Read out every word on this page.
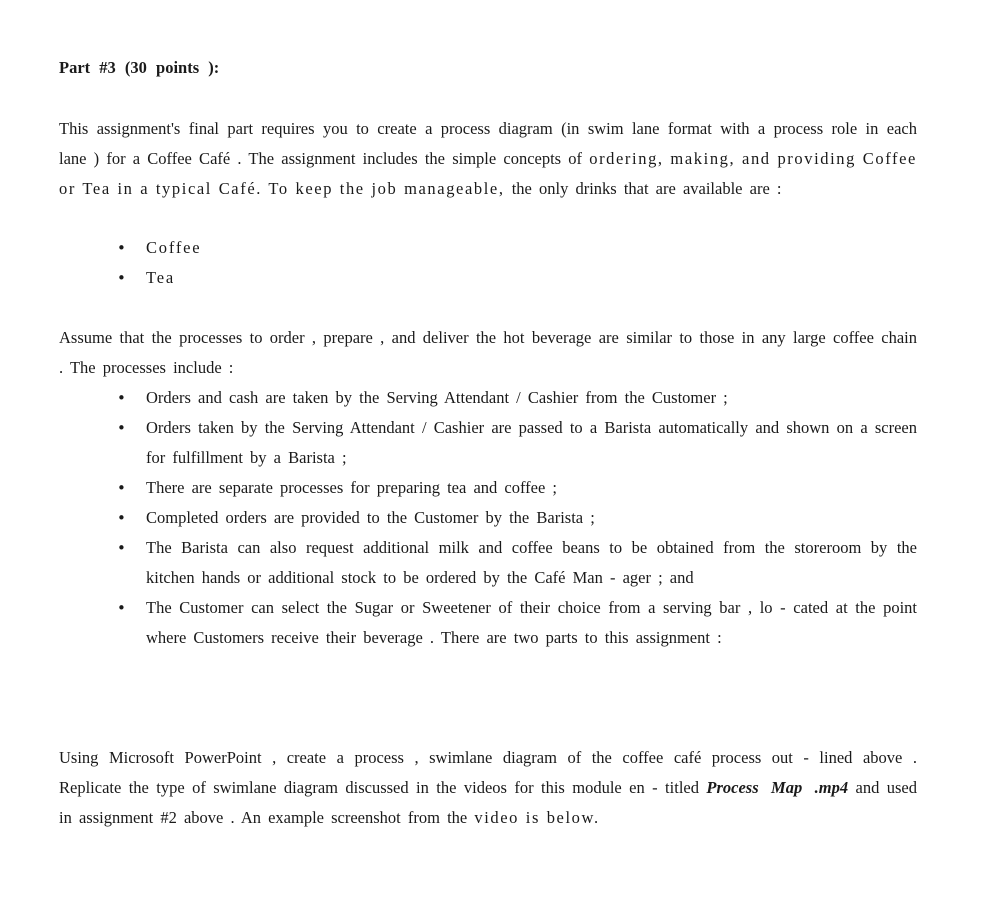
Part #3 (30 points ):
This assignment's final part requires you to create a process diagram (in swim lane format with a process role in each lane ) for a Coffee Café . The assignment includes the simple concepts of ordering, making, and providing Coffee or Tea in a typical Café. To keep the job manageable, the only drinks that are available are :
• Coffee
• Tea
Assume that the processes to order , prepare , and deliver the hot beverage are similar to those in any large coffee chain . The processes include :
• Orders and cash are taken by the Serving Attendant / Cashier from the Customer ;
• Orders taken by the Serving Attendant / Cashier are passed to a Barista automatically and shown on a screen for fulfillment by a Barista ;
• There are separate processes for preparing tea and coffee ;
• Completed orders are provided to the Customer by the Barista ;
• The Barista can also request additional milk and coffee beans to be obtained from the storeroom by the kitchen hands or additional stock to be ordered by the Café Man - ager ; and
• The Customer can select the Sugar or Sweetener of their choice from a serving bar , lo - cated at the point where Customers receive their beverage . There are two parts to this assignment :
Using Microsoft PowerPoint , create a process , swimlane diagram of the coffee café process out - lined above . Replicate the type of swimlane diagram discussed in the videos for this module en - titled Process Map .mp4 and used in assignment #2 above . An example screenshot from the video is below.
